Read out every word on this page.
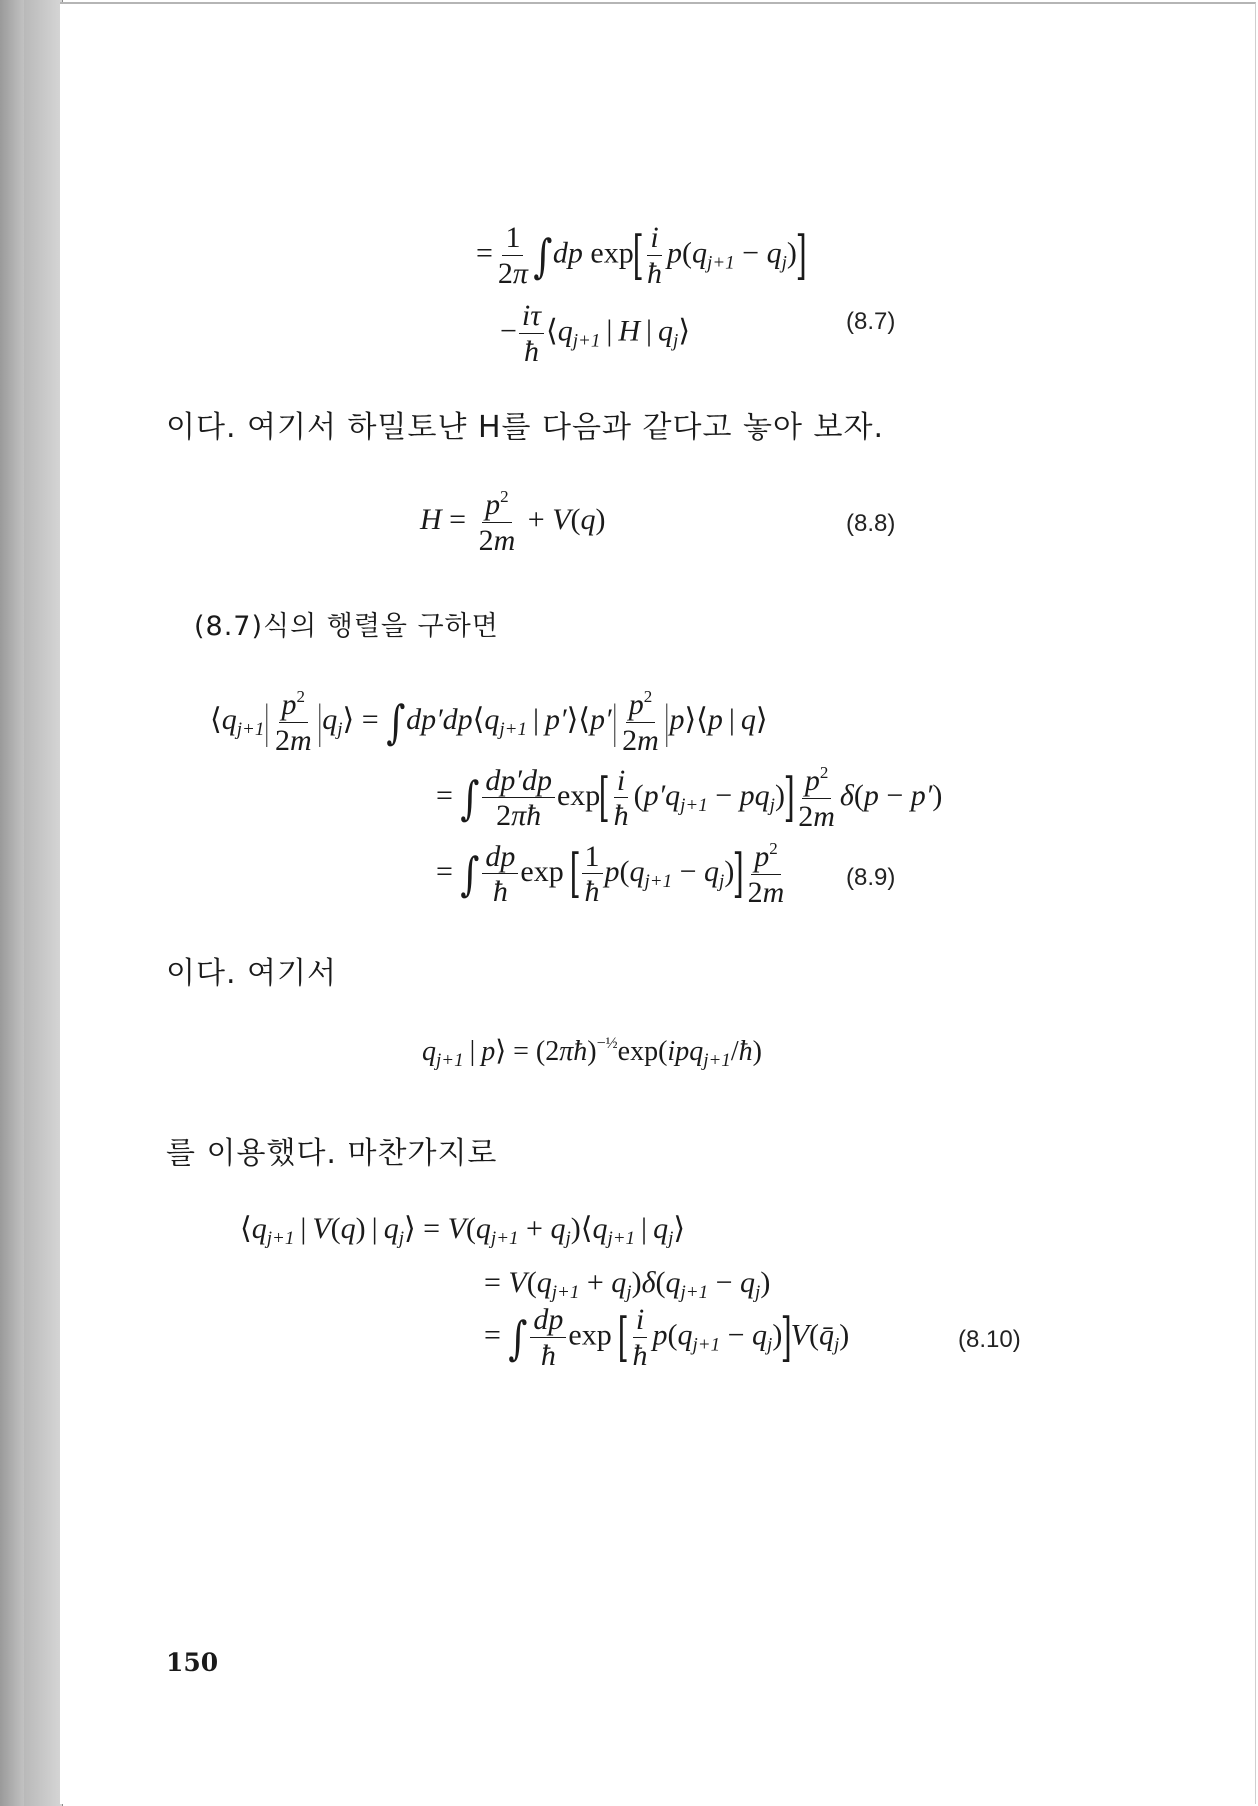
= $\frac{1}{2\pi} \int dp$ $\exp[ \frac{i}{ħ} p(q_{j+1} - q_j)]$
− $\frac{i\tau}{ħ}$ $⟨q_{j+1}$ | H | $q_j⟩$	(8.7)
이다. 여기서 하밀토냔 H를 다음과 같다고 놓아 보자.
$H = \frac{p^2}{2m} + V(q)$	(8.8)
(8.7)식의 행렬을 구하면
$⟨q_{j+1}| \frac{p^2}{2m}$ $|q_j⟩$ = $\int dp'dp⟨q_{j+1}$ | p′⟩⟨p′| $\frac{p^2}{2m}$ |p⟩⟨p | q⟩
= ∫ $\frac{dp'dp}{2\pi ħ} \exp[ \frac{i}{ħ} (p'q_{j+1} - pq_j)] \frac{p^2}{2m} \delta(p - p')$
= ∫ $\frac{dp}{ħ}$ exp [ $\frac{1}{ħ} p(q_{j+1} - q_j)] \frac{p^2}{2m} (8.9)$
이다. 여기서
$q_{j+1}$ | p⟩ = (2πħ)$^{-\frac{1}{2}}$exp(ipq$_{j+1}$/ħ)
를 이용했다. 마찬가지로
$⟨q_{j+1}$ | V(q) | $q_j⟩ = V(q_{j+1}$ + $q_j)⟨q_{j+1}$ | $q_j⟩$
= $V(q_{j+1} + q_j)\delta(q_{j+1} - q_j)$
= ∫ $\frac{dp}{ħ}$ exp [ $\frac{i}{ħ} p(q_{j+1}$ − $q_j)]V(q̄_j)$	(8.10)
150
